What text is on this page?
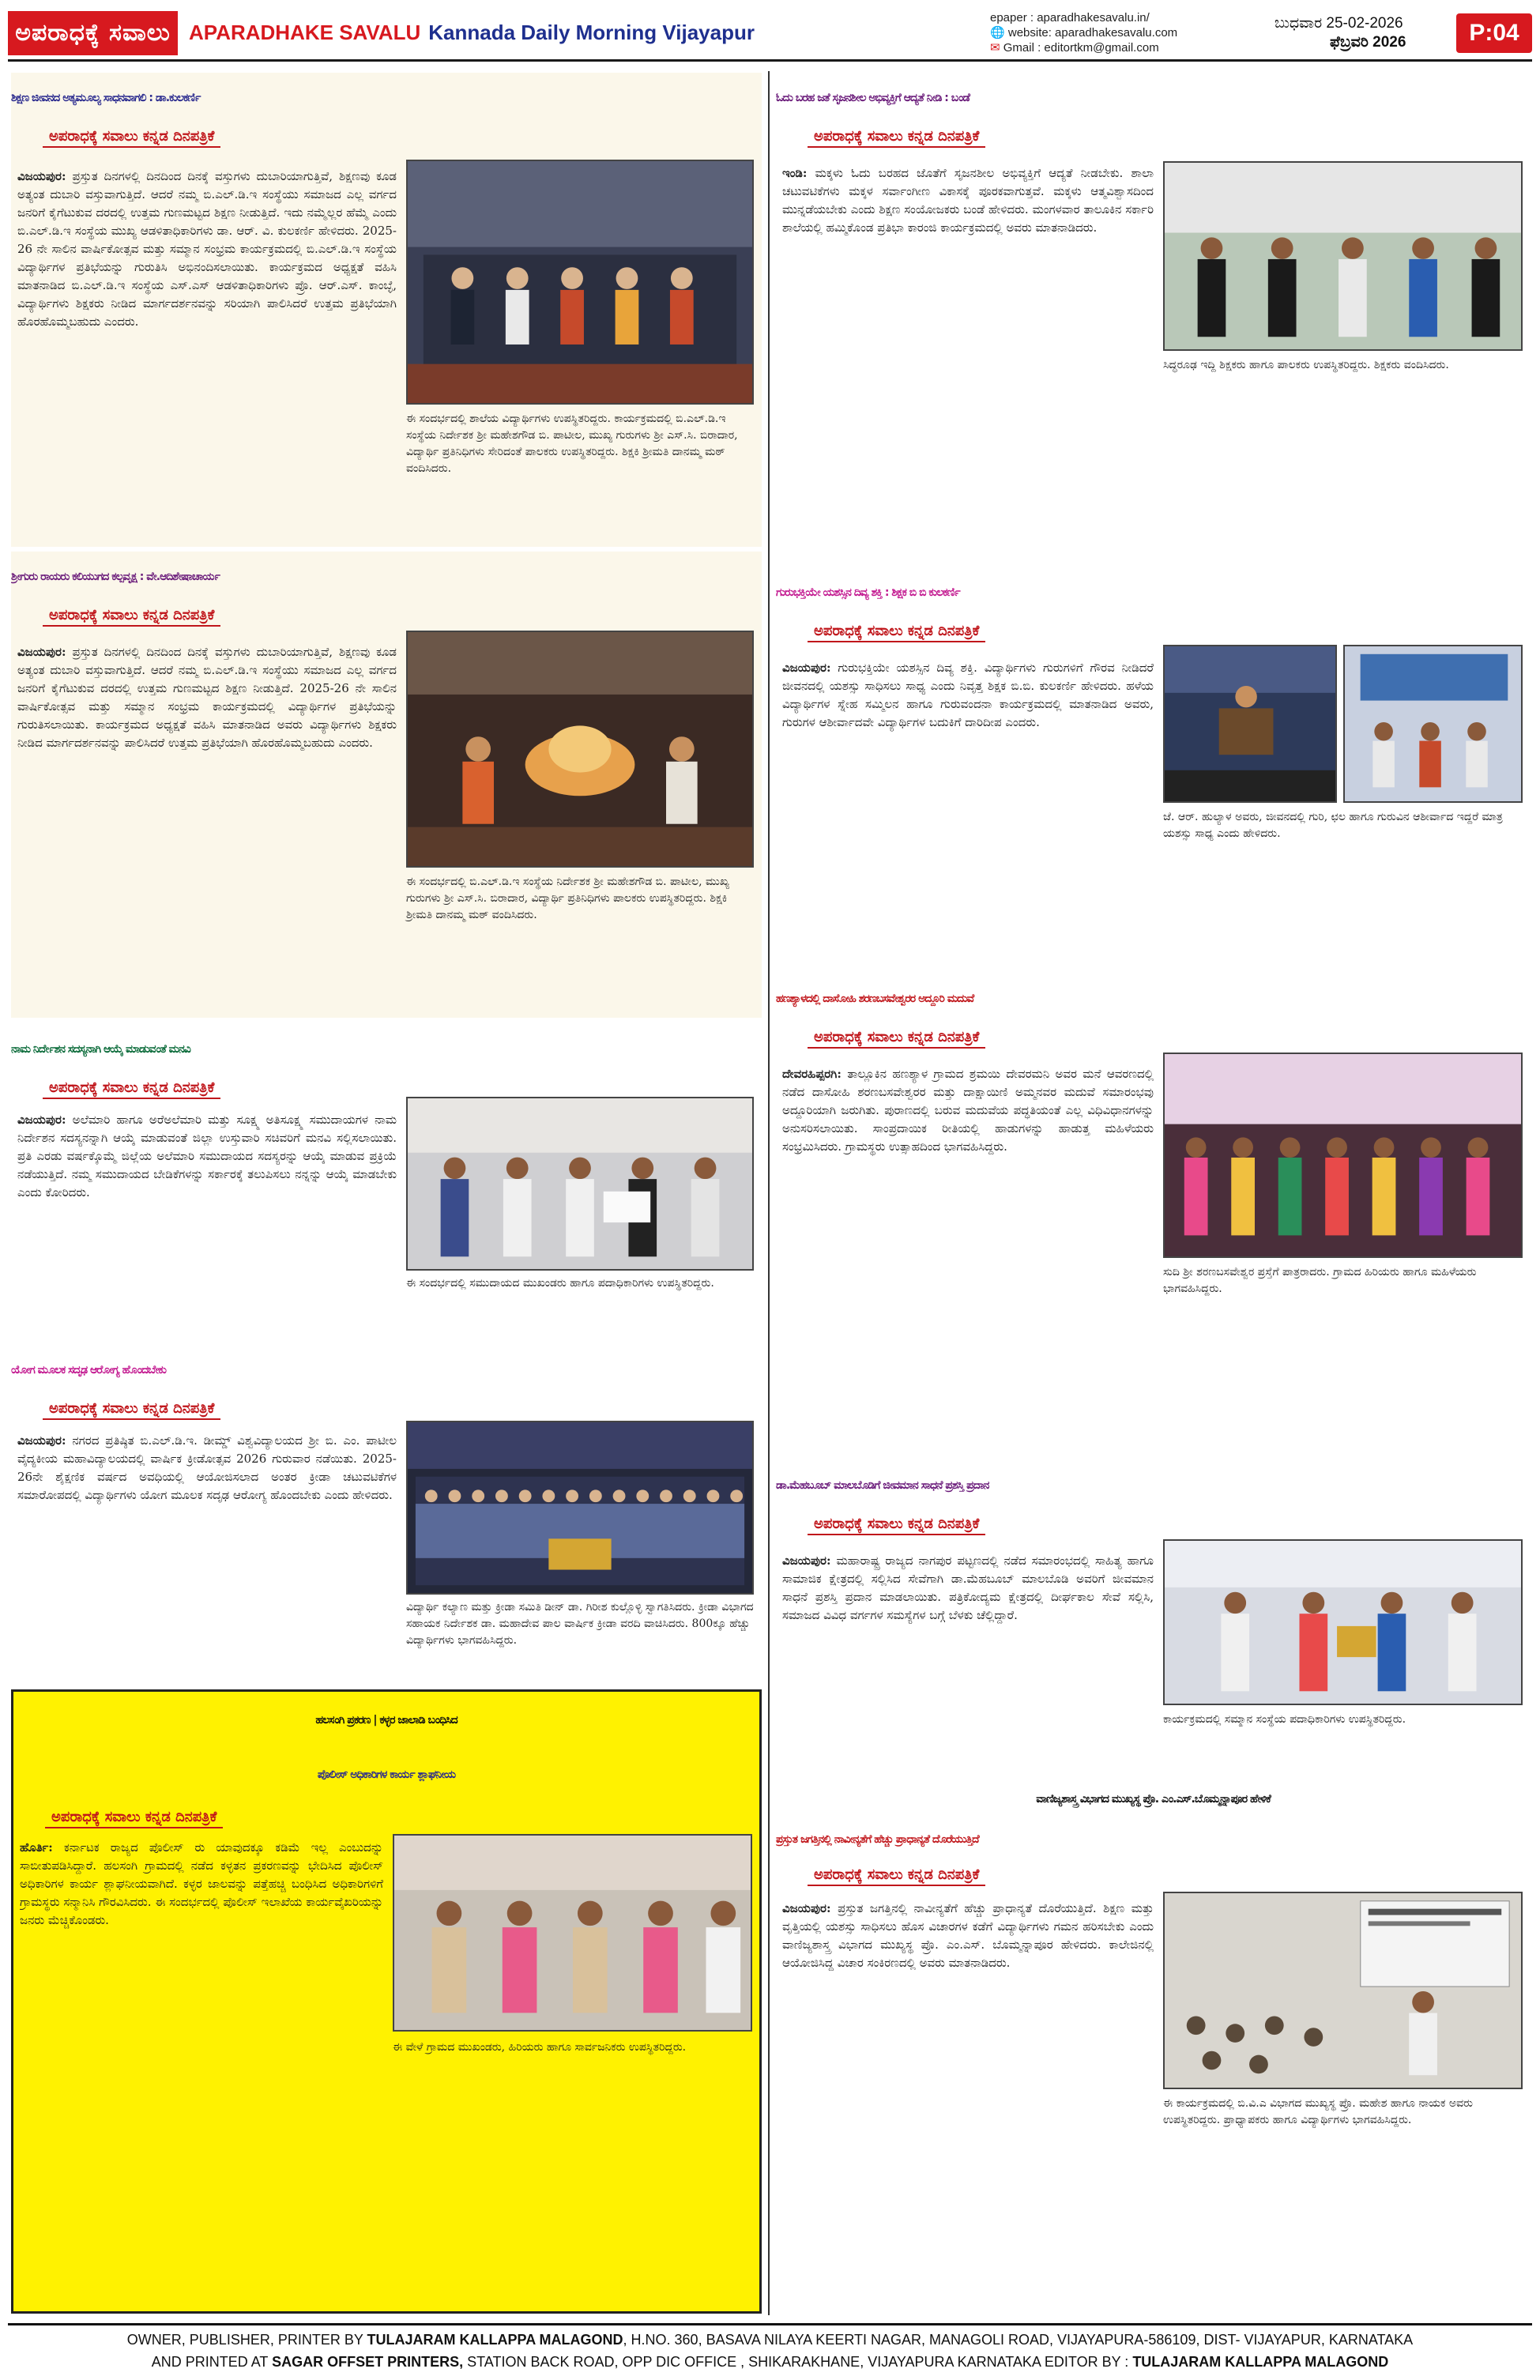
ಅಪರಾಧಕ್ಕೆ ಸವಾಲು APARADHAKE SAVALU Kannada Daily Morning Vijayapur
epaper : aparadhakesavalu.in/
🌐 website: aparadhakesavalu.com
✉ Gmail : editortkm@gmail.com
ಬುಧವಾರ 25-02-2026
ಫೆಬ್ರವರಿ 2026	P:04
ಶಿಕ್ಷಣ ಜೀವನದ ಅತ್ಯಮೂಲ್ಯ ಸಾಧನವಾಗಲಿ : ಡಾ.ಕುಲಕರ್ಣಿ
ಅಪರಾಧಕ್ಕೆ ಸವಾಲು ಕನ್ನಡ ದಿನಪತ್ರಿಕೆ
ವಿಜಯಪುರ: ಪ್ರಸ್ತುತ ದಿನಗಳಲ್ಲಿ ದಿನದಿಂದ ದಿನಕ್ಕೆ ವಸ್ತುಗಳು ದುಬಾರಿಯಾಗುತ್ತಿವೆ, ಶಿಕ್ಷಣವು ಕೂಡ ಅತ್ಯಂತ ದುಬಾರಿ ವಸ್ತುವಾಗುತ್ತಿದೆ. ಆದರೆ ನಮ್ಮ ಬಿ.ಎಲ್.ಡಿ.ಇ ಸಂಸ್ಥೆಯು ಸಮಾಜದ ಎಲ್ಲ ವರ್ಗದ ಜನರಿಗೆ ಕೈಗೆಟುಕುವ ದರದಲ್ಲಿ ಉತ್ತಮ ಗುಣಮಟ್ಟದ ಶಿಕ್ಷಣ ನೀಡುತ್ತಿದೆ. ಇದು ನಮ್ಮೆಲ್ಲರ ಹೆಮ್ಮೆ ಎಂದು ಬಿ.ಎಲ್.ಡಿ.ಇ ಸಂಸ್ಥೆಯ ಮುಖ್ಯ ಆಡಳಿತಾಧಿಕಾರಿಗಳು ಡಾ. ಆರ್. ವಿ. ಕುಲಕರ್ಣಿ ಹೇಳಿದರು. 2025-26 ನೇ ಸಾಲಿನ ವಾರ್ಷಿಕೋತ್ಸವ ಮತ್ತು ಸಮ್ಮಾನ ಸಂಭ್ರಮ ಕಾರ್ಯಕ್ರಮದಲ್ಲಿ ಬಿ.ಎಲ್.ಡಿ.ಇ ಸಂಸ್ಥೆಯ ವಿದ್ಯಾರ್ಥಿಗಳ ಪ್ರತಿಭೆಯನ್ನು ಗುರುತಿಸಿ ಅಭಿನಂದಿಸಲಾಯಿತು. ಕಾರ್ಯಕ್ರಮದ ಅಧ್ಯಕ್ಷತೆ ವಹಿಸಿ ಮಾತನಾಡಿದ ಬಿ.ಎಲ್.ಡಿ.ಇ ಸಂಸ್ಥೆಯ ಎಸ್.ಎಸ್ ಆಡಳಿತಾಧಿಕಾರಿಗಳು ಪ್ರೊ. ಆರ್.ಎಸ್. ಕಾಂಬ್ಳೆ, ವಿದ್ಯಾರ್ಥಿಗಳು ಶಿಕ್ಷಕರು ನೀಡಿದ ಮಾರ್ಗದರ್ಶನವನ್ನು ಸರಿಯಾಗಿ ಪಾಲಿಸಿದರೆ ಉತ್ತಮ ಪ್ರತಿಭೆಯಾಗಿ ಹೊರಹೊಮ್ಮಬಹುದು ಎಂದರು.
ಈ ಸಂದರ್ಭದಲ್ಲಿ ಶಾಲೆಯ ವಿದ್ಯಾರ್ಥಿಗಳು ಉಪಸ್ಥಿತರಿದ್ದರು. ಕಾರ್ಯಕ್ರಮದಲ್ಲಿ ಬಿ.ಎಲ್.ಡಿ.ಇ ಸಂಸ್ಥೆಯ ನಿರ್ದೇಶಕ ಶ್ರೀ ಮಹೇಶಗೌಡ ಬಿ. ಪಾಟೀಲ, ಮುಖ್ಯ ಗುರುಗಳು ಶ್ರೀ ಎಸ್.ಸಿ. ಬಿರಾದಾರ, ವಿದ್ಯಾರ್ಥಿ ಪ್ರತಿನಿಧಿಗಳು ಸೇರಿದಂತೆ ಪಾಲಕರು ಉಪಸ್ಥಿತರಿದ್ದರು. ಶಿಕ್ಷಕಿ ಶ್ರೀಮತಿ ದಾನಮ್ಮ ಮಠ್ ವಂದಿಸಿದರು.
ಶ್ರೀಗುರು ರಾಯರು ಕಲಿಯುಗದ ಕಲ್ಪವೃಕ್ಷ : ವೇ.ಆದಿಶೇಷಾಚಾರ್ಯ
ಅಪರಾಧಕ್ಕೆ ಸವಾಲು ಕನ್ನಡ ದಿನಪತ್ರಿಕೆ
ವಿಜಯಪುರ: ಪ್ರಸ್ತುತ ದಿನಗಳಲ್ಲಿ ದಿನದಿಂದ ದಿನಕ್ಕೆ ವಸ್ತುಗಳು ದುಬಾರಿಯಾಗುತ್ತಿವೆ, ಶಿಕ್ಷಣವು ಕೂಡ ಅತ್ಯಂತ ದುಬಾರಿ ವಸ್ತುವಾಗುತ್ತಿದೆ. ಆದರೆ ನಮ್ಮ ಬಿ.ಎಲ್.ಡಿ.ಇ ಸಂಸ್ಥೆಯು ಸಮಾಜದ ಎಲ್ಲ ವರ್ಗದ ಜನರಿಗೆ ಕೈಗೆಟುಕುವ ದರದಲ್ಲಿ ಉತ್ತಮ ಗುಣಮಟ್ಟದ ಶಿಕ್ಷಣ ನೀಡುತ್ತಿದೆ. 2025-26 ನೇ ಸಾಲಿನ ವಾರ್ಷಿಕೋತ್ಸವ ಮತ್ತು ಸಮ್ಮಾನ ಸಂಭ್ರಮ ಕಾರ್ಯಕ್ರಮದಲ್ಲಿ ವಿದ್ಯಾರ್ಥಿಗಳ ಪ್ರತಿಭೆಯನ್ನು ಗುರುತಿಸಲಾಯಿತು. ಕಾರ್ಯಕ್ರಮದ ಅಧ್ಯಕ್ಷತೆ ವಹಿಸಿ ಮಾತನಾಡಿದ ಅವರು ವಿದ್ಯಾರ್ಥಿಗಳು ಶಿಕ್ಷಕರು ನೀಡಿದ ಮಾರ್ಗದರ್ಶನವನ್ನು ಪಾಲಿಸಿದರೆ ಉತ್ತಮ ಪ್ರತಿಭೆಯಾಗಿ ಹೊರಹೊಮ್ಮಬಹುದು ಎಂದರು.
ಈ ಸಂದರ್ಭದಲ್ಲಿ ಬಿ.ಎಲ್.ಡಿ.ಇ ಸಂಸ್ಥೆಯ ನಿರ್ದೇಶಕ ಶ್ರೀ ಮಹೇಶಗೌಡ ಬಿ. ಪಾಟೀಲ, ಮುಖ್ಯ ಗುರುಗಳು ಶ್ರೀ ಎಸ್.ಸಿ. ಬಿರಾದಾರ, ವಿದ್ಯಾರ್ಥಿ ಪ್ರತಿನಿಧಿಗಳು ಪಾಲಕರು ಉಪಸ್ಥಿತರಿದ್ದರು. ಶಿಕ್ಷಕಿ ಶ್ರೀಮತಿ ದಾನಮ್ಮ ಮಠ್ ವಂದಿಸಿದರು.
ನಾಮ ನಿರ್ದೇಶನ ಸದಸ್ಯನಾಗಿ ಆಯ್ಕೆ ಮಾಡುವಂತೆ ಮನವಿ
ಅಪರಾಧಕ್ಕೆ ಸವಾಲು ಕನ್ನಡ ದಿನಪತ್ರಿಕೆ
ವಿಜಯಪುರ: ಅಲೆಮಾರಿ ಹಾಗೂ ಅರೆಅಲೆಮಾರಿ ಮತ್ತು ಸೂಕ್ಷ್ಮ ಅತಿಸೂಕ್ಷ್ಮ ಸಮುದಾಯಗಳ ನಾಮ ನಿರ್ದೇಶನ ಸದಸ್ಯನನ್ನಾಗಿ ಆಯ್ಕೆ ಮಾಡುವಂತೆ ಜಿಲ್ಲಾ ಉಸ್ತುವಾರಿ ಸಚಿವರಿಗೆ ಮನವಿ ಸಲ್ಲಿಸಲಾಯಿತು. ಪ್ರತಿ ಎರಡು ವರ್ಷಕ್ಕೊಮ್ಮೆ ಜಿಲ್ಲೆಯ ಅಲೆಮಾರಿ ಸಮುದಾಯದ ಸದಸ್ಯರನ್ನು ಆಯ್ಕೆ ಮಾಡುವ ಪ್ರಕ್ರಿಯೆ ನಡೆಯುತ್ತಿದೆ. ನಮ್ಮ ಸಮುದಾಯದ ಬೇಡಿಕೆಗಳನ್ನು ಸರ್ಕಾರಕ್ಕೆ ತಲುಪಿಸಲು ನನ್ನನ್ನು ಆಯ್ಕೆ ಮಾಡಬೇಕು ಎಂದು ಕೋರಿದರು.
ಈ ಸಂದರ್ಭದಲ್ಲಿ ಸಮುದಾಯದ ಮುಖಂಡರು ಹಾಗೂ ಪದಾಧಿಕಾರಿಗಳು ಉಪಸ್ಥಿತರಿದ್ದರು.
ಯೋಗ ಮೂಲಕ ಸದೃಢ ಆರೋಗ್ಯ ಹೊಂದಬೇಕು
ಅಪರಾಧಕ್ಕೆ ಸವಾಲು ಕನ್ನಡ ದಿನಪತ್ರಿಕೆ
ವಿಜಯಪುರ: ನಗರದ ಪ್ರತಿಷ್ಠಿತ ಬಿ.ಎಲ್.ಡಿ.ಇ. ಡೀಮ್ಡ್ ವಿಶ್ವವಿದ್ಯಾಲಯದ ಶ್ರೀ ಬಿ. ಎಂ. ಪಾಟೀಲ ವೈದ್ಯಕೀಯ ಮಹಾವಿದ್ಯಾಲಯದಲ್ಲಿ ವಾರ್ಷಿಕ ಕ್ರೀಡೋತ್ಸವ 2026 ಗುರುವಾರ ನಡೆಯಿತು. 2025-26ನೇ ಶೈಕ್ಷಣಿಕ ವರ್ಷದ ಅವಧಿಯಲ್ಲಿ ಆಯೋಜಿಸಲಾದ ಅಂತರ ಕ್ರೀಡಾ ಚಟುವಟಿಕೆಗಳ ಸಮಾರೋಪದಲ್ಲಿ ವಿದ್ಯಾರ್ಥಿಗಳು ಯೋಗ ಮೂಲಕ ಸದೃಢ ಆರೋಗ್ಯ ಹೊಂದಬೇಕು ಎಂದು ಹೇಳಿದರು.
ವಿದ್ಯಾರ್ಥಿ ಕಲ್ಯಾಣ ಮತ್ತು ಕ್ರೀಡಾ ಸಮಿತಿ ಡೀನ್ ಡಾ. ಗಿರೀಶ ಕುಲ್ಲೊಳ್ಳಿ ಸ್ವಾಗತಿಸಿದರು. ಕ್ರೀಡಾ ವಿಭಾಗದ ಸಹಾಯಕ ನಿರ್ದೇಶಕ ಡಾ. ಮಹಾದೇವ ಪಾಲ ವಾರ್ಷಿಕ ಕ್ರೀಡಾ ವರದಿ ವಾಚಿಸಿದರು. 800ಕ್ಕೂ ಹೆಚ್ಚು ವಿದ್ಯಾರ್ಥಿಗಳು ಭಾಗವಹಿಸಿದ್ದರು.
ಹಲಸಂಗಿ ಪ್ರಕರಣ | ಕಳ್ಳರ ಜಾಲಾಡಿ ಬಂಧಿಸಿದ
ಪೊಲೀಸ್ ಅಧಿಕಾರಿಗಳ ಕಾರ್ಯ ಶ್ಲಾಘನೀಯ
ಅಪರಾಧಕ್ಕೆ ಸವಾಲು ಕನ್ನಡ ದಿನಪತ್ರಿಕೆ
ಹೊರ್ತಿ: ಕರ್ನಾಟಕ ರಾಜ್ಯದ ಪೊಲೀಸ್ ರು ಯಾವುದಕ್ಕೂ ಕಡಿಮೆ ಇಲ್ಲ ಎಂಬುದನ್ನು ಸಾಬೀತುಪಡಿಸಿದ್ದಾರೆ. ಹಲಸಂಗಿ ಗ್ರಾಮದಲ್ಲಿ ನಡೆದ ಕಳ್ಳತನ ಪ್ರಕರಣವನ್ನು ಭೇದಿಸಿದ ಪೊಲೀಸ್ ಅಧಿಕಾರಿಗಳ ಕಾರ್ಯ ಶ್ಲಾಘನೀಯವಾಗಿದೆ. ಕಳ್ಳರ ಜಾಲವನ್ನು ಪತ್ತೆಹಚ್ಚಿ ಬಂಧಿಸಿದ ಅಧಿಕಾರಿಗಳಿಗೆ ಗ್ರಾಮಸ್ಥರು ಸನ್ಮಾನಿಸಿ ಗೌರವಿಸಿದರು. ಈ ಸಂದರ್ಭದಲ್ಲಿ ಪೊಲೀಸ್ ಇಲಾಖೆಯ ಕಾರ್ಯವೈಖರಿಯನ್ನು ಜನರು ಮೆಚ್ಚಿಕೊಂಡರು.
ಈ ವೇಳೆ ಗ್ರಾಮದ ಮುಖಂಡರು, ಹಿರಿಯರು ಹಾಗೂ ಸಾರ್ವಜನಿಕರು ಉಪಸ್ಥಿತರಿದ್ದರು.
ಓದು ಬರಹ ಜತೆ ಸೃಜನಶೀಲ ಅಭಿವ್ಯಕ್ತಿಗೆ ಆದ್ಯತೆ ನೀಡಿ : ಬಂಡೆ
ಅಪರಾಧಕ್ಕೆ ಸವಾಲು ಕನ್ನಡ ದಿನಪತ್ರಿಕೆ
ಇಂಡಿ: ಮಕ್ಕಳು ಓದು ಬರಹದ ಜೊತೆಗೆ ಸೃಜನಶೀಲ ಅಭಿವ್ಯಕ್ತಿಗೆ ಆದ್ಯತೆ ನೀಡಬೇಕು. ಶಾಲಾ ಚಟುವಟಿಕೆಗಳು ಮಕ್ಕಳ ಸರ್ವಾಂಗೀಣ ವಿಕಾಸಕ್ಕೆ ಪೂರಕವಾಗುತ್ತವೆ. ಮಕ್ಕಳು ಆತ್ಮವಿಶ್ವಾಸದಿಂದ ಮುನ್ನಡೆಯಬೇಕು ಎಂದು ಶಿಕ್ಷಣ ಸಂಯೋಜಕರು ಬಂಡೆ ಹೇಳಿದರು. ಮಂಗಳವಾರ ತಾಲೂಕಿನ ಸರ್ಕಾರಿ ಶಾಲೆಯಲ್ಲಿ ಹಮ್ಮಿಕೊಂಡ ಪ್ರತಿಭಾ ಕಾರಂಜಿ ಕಾರ್ಯಕ್ರಮದಲ್ಲಿ ಅವರು ಮಾತನಾಡಿದರು.
ಸಿದ್ಧರೂಢ ಇದ್ದಿ ಶಿಕ್ಷಕರು ಹಾಗೂ ಪಾಲಕರು ಉಪಸ್ಥಿತರಿದ್ದರು. ಶಿಕ್ಷಕರು ವಂದಿಸಿದರು.
ಗುರುಭಕ್ತಿಯೇ ಯಶಸ್ಸಿನ ದಿವ್ಯ ಶಕ್ತಿ : ಶಿಕ್ಷಕ ಬಿ ಬಿ ಕುಲಕರ್ಣಿ
ಅಪರಾಧಕ್ಕೆ ಸವಾಲು ಕನ್ನಡ ದಿನಪತ್ರಿಕೆ
ವಿಜಯಪುರ: ಗುರುಭಕ್ತಿಯೇ ಯಶಸ್ಸಿನ ದಿವ್ಯ ಶಕ್ತಿ. ವಿದ್ಯಾರ್ಥಿಗಳು ಗುರುಗಳಿಗೆ ಗೌರವ ನೀಡಿದರೆ ಜೀವನದಲ್ಲಿ ಯಶಸ್ಸು ಸಾಧಿಸಲು ಸಾಧ್ಯ ಎಂದು ನಿವೃತ್ತ ಶಿಕ್ಷಕ ಬಿ.ಬಿ. ಕುಲಕರ್ಣಿ ಹೇಳಿದರು. ಹಳೆಯ ವಿದ್ಯಾರ್ಥಿಗಳ ಸ್ನೇಹ ಸಮ್ಮಿಲನ ಹಾಗೂ ಗುರುವಂದನಾ ಕಾರ್ಯಕ್ರಮದಲ್ಲಿ ಮಾತನಾಡಿದ ಅವರು, ಗುರುಗಳ ಆಶೀರ್ವಾದವೇ ವಿದ್ಯಾರ್ಥಿಗಳ ಬದುಕಿಗೆ ದಾರಿದೀಪ ಎಂದರು.
ಜೆ. ಆರ್. ಹುಲ್ಯಾಳ ಅವರು, ಜೀವನದಲ್ಲಿ ಗುರಿ, ಛಲ ಹಾಗೂ ಗುರುವಿನ ಆಶೀರ್ವಾದ ಇದ್ದರೆ ಮಾತ್ರ ಯಶಸ್ಸು ಸಾಧ್ಯ ಎಂದು ಹೇಳಿದರು.
ಹಣಶ್ಯಾಳದಲ್ಲಿ ದಾಸೋಹಿ ಶರಣಬಸವೇಶ್ವರರ ಅದ್ದೂರಿ ಮದುವೆ
ಅಪರಾಧಕ್ಕೆ ಸವಾಲು ಕನ್ನಡ ದಿನಪತ್ರಿಕೆ
ದೇವರಹಿಪ್ಪರಗಿ: ತಾಲ್ಲೂಕಿನ ಹಣಶ್ಯಾಳ ಗ್ರಾಮದ ಶ್ರಮಯಿ ದೇವರಮನಿ ಅವರ ಮನೆ ಆವರಣದಲ್ಲಿ ನಡೆದ ದಾಸೋಹಿ ಶರಣಬಸವೇಶ್ವರರ ಮತ್ತು ದಾಕ್ಷಾಯಿಣಿ ಅಮ್ಮನವರ ಮದುವೆ ಸಮಾರಂಭವು ಅದ್ದೂರಿಯಾಗಿ ಜರುಗಿತು. ಪುರಾಣದಲ್ಲಿ ಬರುವ ಮದುವೆಯ ಪದ್ಧತಿಯಂತೆ ಎಲ್ಲ ವಿಧಿವಿಧಾನಗಳನ್ನು ಅನುಸರಿಸಲಾಯಿತು. ಸಾಂಪ್ರದಾಯಿಕ ರೀತಿಯಲ್ಲಿ ಹಾಡುಗಳನ್ನು ಹಾಡುತ್ತ ಮಹಿಳೆಯರು ಸಂಭ್ರಮಿಸಿದರು. ಗ್ರಾಮಸ್ಥರು ಉತ್ಸಾಹದಿಂದ ಭಾಗವಹಿಸಿದ್ದರು.
ಸುದಿ ಶ್ರೀ ಶರಣಬಸವೇಶ್ವರ ಪ್ರಸ್ತೆಗೆ ಪಾತ್ರರಾದರು. ಗ್ರಾಮದ ಹಿರಿಯರು ಹಾಗೂ ಮಹಿಳೆಯರು ಭಾಗವಹಿಸಿದ್ದರು.
ಡಾ.ಮೆಹಬೂಬ್ ಮಾಲಬೊಡಿಗೆ ಜೀವಮಾನ ಸಾಧನೆ ಪ್ರಶಸ್ತಿ ಪ್ರದಾನ
ಅಪರಾಧಕ್ಕೆ ಸವಾಲು ಕನ್ನಡ ದಿನಪತ್ರಿಕೆ
ವಿಜಯಪುರ: ಮಹಾರಾಷ್ಟ್ರ ರಾಜ್ಯದ ನಾಗಪುರ ಪಟ್ಟಣದಲ್ಲಿ ನಡೆದ ಸಮಾರಂಭದಲ್ಲಿ ಸಾಹಿತ್ಯ ಹಾಗೂ ಸಾಮಾಜಿಕ ಕ್ಷೇತ್ರದಲ್ಲಿ ಸಲ್ಲಿಸಿದ ಸೇವೆಗಾಗಿ ಡಾ.ಮೆಹಬೂಬ್ ಮಾಲಬೊಡಿ ಅವರಿಗೆ ಜೀವಮಾನ ಸಾಧನೆ ಪ್ರಶಸ್ತಿ ಪ್ರದಾನ ಮಾಡಲಾಯಿತು. ಪತ್ರಿಕೋದ್ಯಮ ಕ್ಷೇತ್ರದಲ್ಲಿ ದೀರ್ಘಕಾಲ ಸೇವೆ ಸಲ್ಲಿಸಿ, ಸಮಾಜದ ವಿವಿಧ ವರ್ಗಗಳ ಸಮಸ್ಯೆಗಳ ಬಗ್ಗೆ ಬೆಳಕು ಚೆಲ್ಲಿದ್ದಾರೆ.
ಕಾರ್ಯಕ್ರಮದಲ್ಲಿ ಸಮ್ಮಾನ ಸಂಸ್ಥೆಯ ಪದಾಧಿಕಾರಿಗಳು ಉಪಸ್ಥಿತರಿದ್ದರು.
ವಾಣಿಜ್ಯಶಾಸ್ತ್ರ ವಿಭಾಗದ ಮುಖ್ಯಸ್ಥ ಪ್ರೊ. ಎಂ.ಎಸ್.ಬೊಮ್ಮನ್ನಾಪೂರ ಹೇಳಿಕೆ
ಪ್ರಸ್ತುತ ಜಗತ್ತಿನಲ್ಲಿ ನಾವೀನ್ಯತೆಗೆ ಹೆಚ್ಚು ಪ್ರಾಧಾನ್ಯತೆ ದೊರೆಯುತ್ತಿದೆ
ಅಪರಾಧಕ್ಕೆ ಸವಾಲು ಕನ್ನಡ ದಿನಪತ್ರಿಕೆ
ವಿಜಯಪುರ: ಪ್ರಸ್ತುತ ಜಗತ್ತಿನಲ್ಲಿ ನಾವೀನ್ಯತೆಗೆ ಹೆಚ್ಚು ಪ್ರಾಧಾನ್ಯತೆ ದೊರೆಯುತ್ತಿದೆ. ಶಿಕ್ಷಣ ಮತ್ತು ವೃತ್ತಿಯಲ್ಲಿ ಯಶಸ್ಸು ಸಾಧಿಸಲು ಹೊಸ ವಿಚಾರಗಳ ಕಡೆಗೆ ವಿದ್ಯಾರ್ಥಿಗಳು ಗಮನ ಹರಿಸಬೇಕು ಎಂದು ವಾಣಿಜ್ಯಶಾಸ್ತ್ರ ವಿಭಾಗದ ಮುಖ್ಯಸ್ಥ ಪ್ರೊ. ಎಂ.ಎಸ್. ಬೊಮ್ಮನ್ನಾಪೂರ ಹೇಳಿದರು. ಕಾಲೇಜಿನಲ್ಲಿ ಆಯೋಜಿಸಿದ್ದ ವಿಚಾರ ಸಂಕಿರಣದಲ್ಲಿ ಅವರು ಮಾತನಾಡಿದರು.
ಈ ಕಾರ್ಯಕ್ರಮದಲ್ಲಿ ಬಿ.ವಿ.ಎ ವಿಭಾಗದ ಮುಖ್ಯಸ್ಥ ಪ್ರೊ. ಮಹೇಶ ಹಾಗೂ ನಾಯಕ ಅವರು ಉಪಸ್ಥಿತರಿದ್ದರು. ಪ್ರಾಧ್ಯಾಪಕರು ಹಾಗೂ ವಿದ್ಯಾರ್ಥಿಗಳು ಭಾಗವಹಿಸಿದ್ದರು.
OWNER, PUBLISHER, PRINTER BY TULAJARAM KALLAPPA MALAGOND, H.NO. 360, BASAVA NILAYA KEERTI NAGAR, MANAGOLI ROAD, VIJAYAPURA-586109, DIST- VIJAYAPUR, KARNATAKA
AND PRINTED AT SAGAR OFFSET PRINTERS, STATION BACK ROAD, OPP DIC OFFICE , SHIKARAKHANE, VIJAYAPURA KARNATAKA EDITOR BY : TULAJARAM KALLAPPA MALAGOND
